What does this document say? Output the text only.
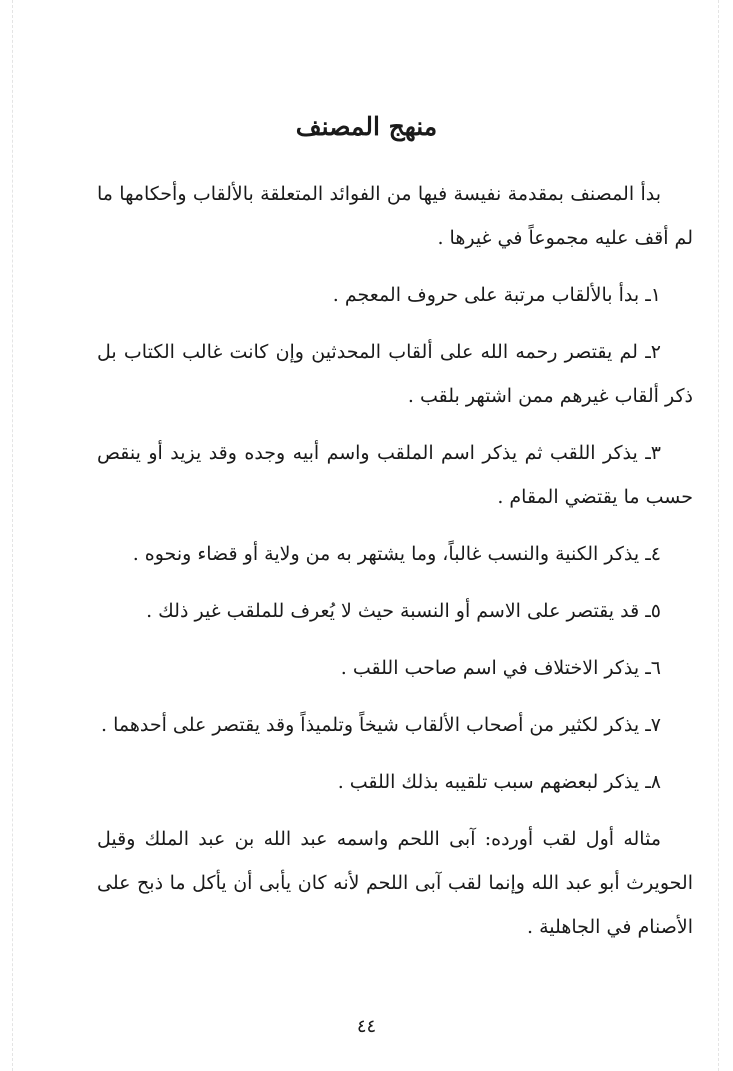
منهج المصنف

بدأ المصنف بمقدمة نفيسة فيها من الفوائد المتعلقة بالألقاب وأحكامها ما لم أقف عليه مجموعاً في غيرها .

١ـ بدأ بالألقاب مرتبة على حروف المعجم .

٢ـ لم يقتصر رحمه الله على ألقاب المحدثين وإن كانت غالب الكتاب بل ذكر ألقاب غيرهم ممن اشتهر بلقب .

٣ـ يذكر اللقب ثم يذكر اسم الملقب واسم أبيه وجده وقد يزيد أو ينقص حسب ما يقتضي المقام .

٤ـ يذكر الكنية والنسب غالباً، وما يشتهر به من ولاية أو قضاء ونحوه .

٥ـ قد يقتصر على الاسم أو النسبة حيث لا يُعرف للملقب غير ذلك .

٦ـ يذكر الاختلاف في اسم صاحب اللقب .

٧ـ يذكر لكثير من أصحاب الألقاب شيخاً وتلميذاً وقد يقتصر على أحدهما .

٨ـ يذكر لبعضهم سبب تلقيبه بذلك اللقب .

مثاله أول لقب أورده: آبى اللحم واسمه عبد الله بن عبد الملك وقيل الحويرث أبو عبد الله وإنما لقب آبى اللحم لأنه كان يأبى أن يأكل ما ذبح على الأصنام في الجاهلية .

٤٤
